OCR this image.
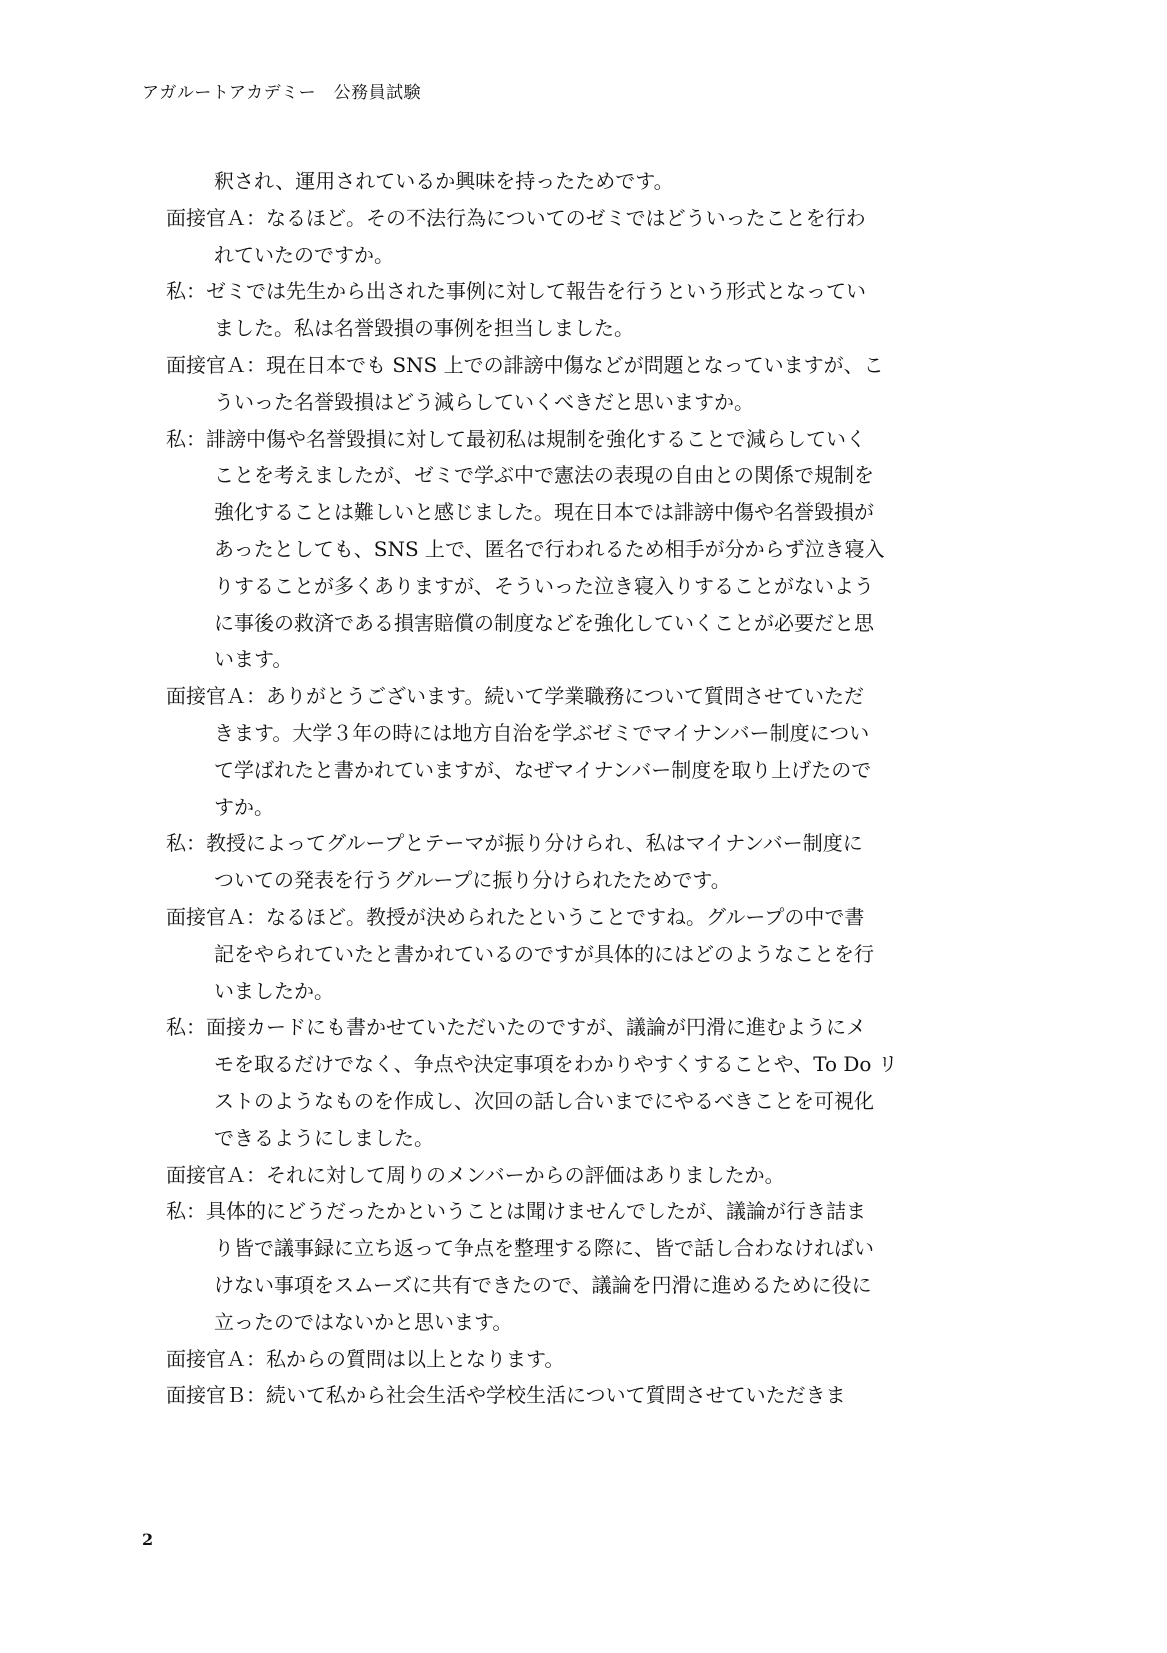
アガルートアカデミー　公務員試験
釈され、運用されているか興味を持ったためです。
面接官Ａ：なるほど。その不法行為についてのゼミではどういったことを行わ
れていたのですか。
私：ゼミでは先生から出された事例に対して報告を行うという形式となってい
ました。私は名誉毀損の事例を担当しました。
面接官Ａ：現在日本でも SNS 上での誹謗中傷などが問題となっていますが、こ
ういった名誉毀損はどう減らしていくべきだと思いますか。
私：誹謗中傷や名誉毀損に対して最初私は規制を強化することで減らしていく
ことを考えましたが、ゼミで学ぶ中で憲法の表現の自由との関係で規制を
強化することは難しいと感じました。現在日本では誹謗中傷や名誉毀損が
あったとしても、SNS 上で、匿名で行われるため相手が分からず泣き寝入
りすることが多くありますが、そういった泣き寝入りすることがないよう
に事後の救済である損害賠償の制度などを強化していくことが必要だと思
います。
面接官Ａ：ありがとうございます。続いて学業職務について質問させていただ
きます。大学３年の時には地方自治を学ぶゼミでマイナンバー制度につい
て学ばれたと書かれていますが、なぜマイナンバー制度を取り上げたので
すか。
私：教授によってグループとテーマが振り分けられ、私はマイナンバー制度に
ついての発表を行うグループに振り分けられたためです。
面接官Ａ：なるほど。教授が決められたということですね。グループの中で書
記をやられていたと書かれているのですが具体的にはどのようなことを行
いましたか。
私：面接カードにも書かせていただいたのですが、議論が円滑に進むようにメ
モを取るだけでなく、争点や決定事項をわかりやすくすることや、To Do リ
ストのようなものを作成し、次回の話し合いまでにやるべきことを可視化
できるようにしました。
面接官Ａ：それに対して周りのメンバーからの評価はありましたか。
私：具体的にどうだったかということは聞けませんでしたが、議論が行き詰ま
り皆で議事録に立ち返って争点を整理する際に、皆で話し合わなければい
けない事項をスムーズに共有できたので、議論を円滑に進めるために役に
立ったのではないかと思います。
面接官Ａ：私からの質問は以上となります。
面接官Ｂ：続いて私から社会生活や学校生活について質問させていただきま
2
